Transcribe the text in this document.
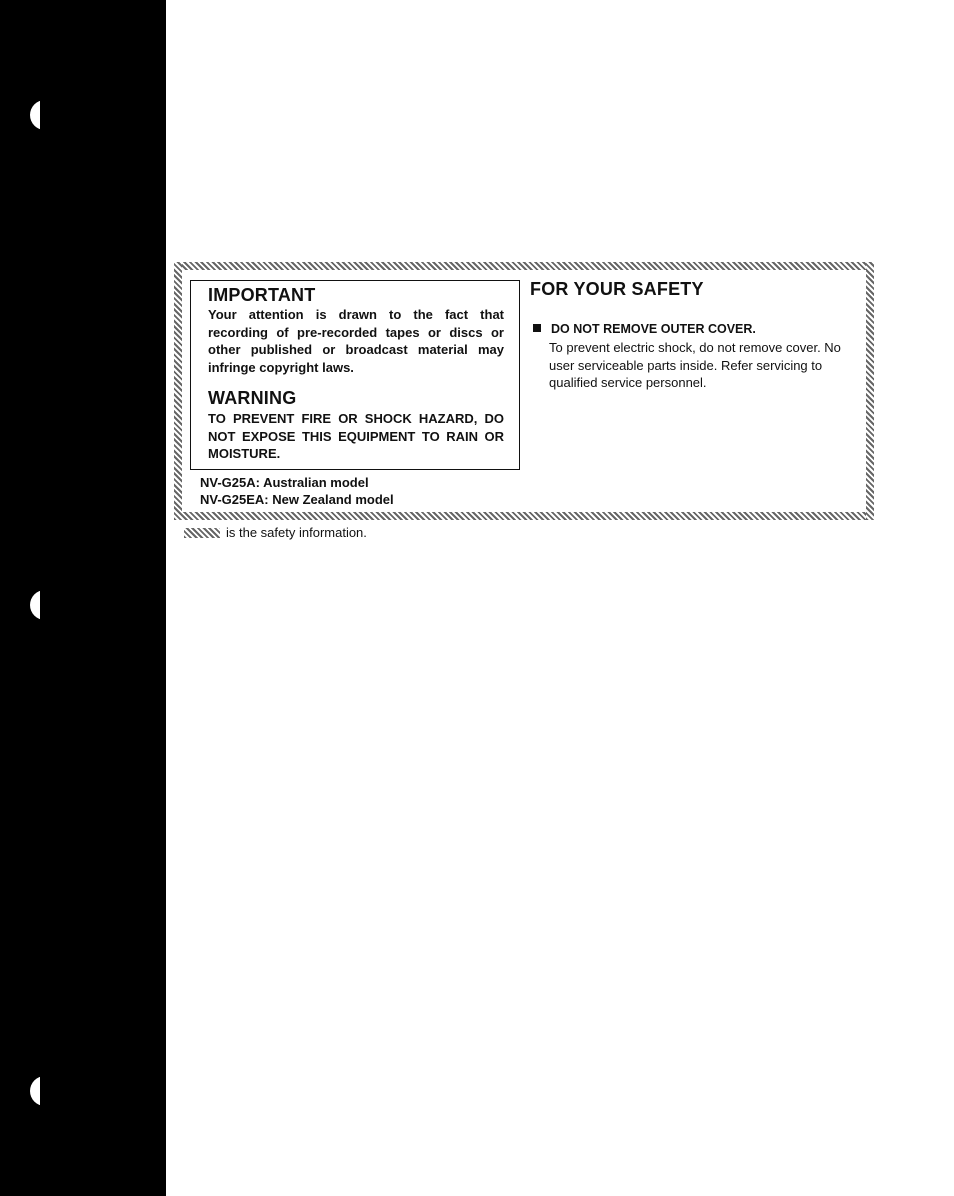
IMPORTANT
Your attention is drawn to the fact that recording of pre-recorded tapes or discs or other published or broadcast material may infringe copyright laws.
WARNING
TO PREVENT FIRE OR SHOCK HAZARD, DO NOT EXPOSE THIS EQUIPMENT TO RAIN OR MOISTURE.
NV-G25A: Australian model
NV-G25EA: New Zealand model
FOR YOUR SAFETY
DO NOT REMOVE OUTER COVER.
To prevent electric shock, do not remove cover. No user serviceable parts inside. Refer servicing to qualified service personnel.
is the safety information.
